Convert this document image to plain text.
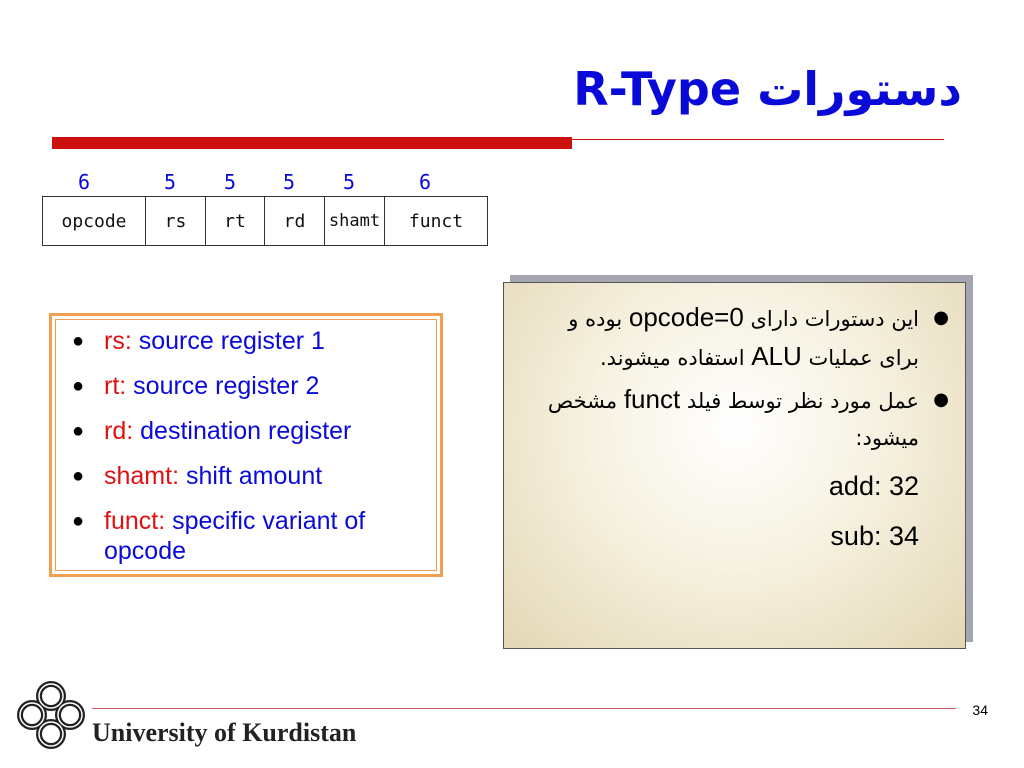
R-Type دستورات
6	5	5	5	5	6
opcode	rs	rt	rd	shamt	funct
● rs: source register 1
● rt: source register 2
● rd: destination register
● shamt: shift amount
● funct: specific variant of opcode
●
این دستورات دارای opcode=0 بوده و برای عملیات ALU استفاده میشوند.
●
عمل مورد نظر توسط فیلد funct مشخص میشود:
add: 32
sub: 34
34
University of Kurdistan
